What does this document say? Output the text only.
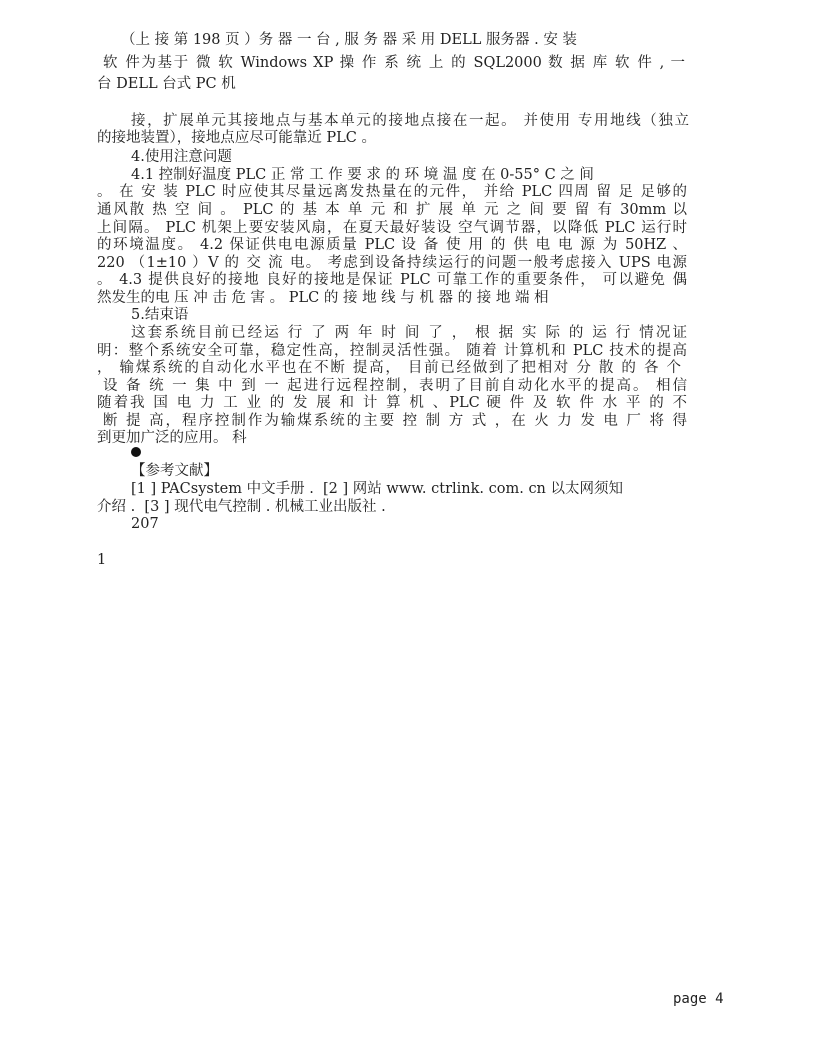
（上 接 第 198 页 ）务 器 一 台 , 服 务 器 采 用 DELL 服务器 . 安 装
软 件为基于 微 软 Windows XP 操 作 系 统 上 的 SQL2000 数 据 库 软 件 , 一
台 DELL 台式 PC 机
接，扩展单元其接地点与基本单元的接地点接在一起。 并使用 专用地线（独立
的接地装置），接地点应尽可能靠近 PLC 。
4.使用注意问题
4.1 控制好温度 PLC 正 常 工 作 要 求 的 环 境 温 度 在 0-55° C 之 间
。 在 安 装 PLC 时应使其尽量远离发热量在的元件， 并给 PLC 四周 留 足 足够的
通风散 热 空 间 。 PLC 的 基 本 单 元 和 扩 展 单 元 之 间 要 留 有 30mm 以
上间隔。 PLC 机架上要安装风扇，在夏天最好装设 空气调节器，以降低 PLC 运行时
的环境温度。 4.2 保证供电电源质量 PLC 设 备 使 用 的 供 电 电 源 为 50HZ 、
220 （1±10 ）V 的 交 流 电。 考虑到设备持续运行的问题一般考虑接入 UPS 电源
。 4.3 提供良好的接地 良好的接地是保证 PLC 可靠工作的重要条件， 可以避免 偶
然发生的电 压 冲 击 危 害 。 PLC 的 接 地 线 与 机 器 的 接 地 端 相
5.结束语
这套系统目前已经运 行 了 两 年 时 间 了 ， 根 据 实 际 的 运 行 情况证
明：整个系统安全可靠，稳定性高，控制灵活性强。 随着 计算机和 PLC 技术的提高
， 输煤系统的自动化水平也在不断 提高， 目前已经做到了把相对 分 散 的 各 个
设 备 统 一 集 中 到 一 起进行远程控制，表明了目前自动化水平的提高。 相信
随着我 国 电 力 工 业 的 发 展 和 计 算 机 、PLC 硬 件 及 软 件 水 平 的 不
断 提 高，程序控制作为输煤系统的主要 控 制 方 式 ，在 火 力 发 电 厂 将 得
到更加广泛的应用。 科
【参考文献】
[1 ] PACsystem 中文手册 .  [2 ] 网站 www. ctrlink. com. cn 以太网须知
介绍 .  [3 ] 现代电气控制 . 机械工业出版社 .
207
1
page 4
